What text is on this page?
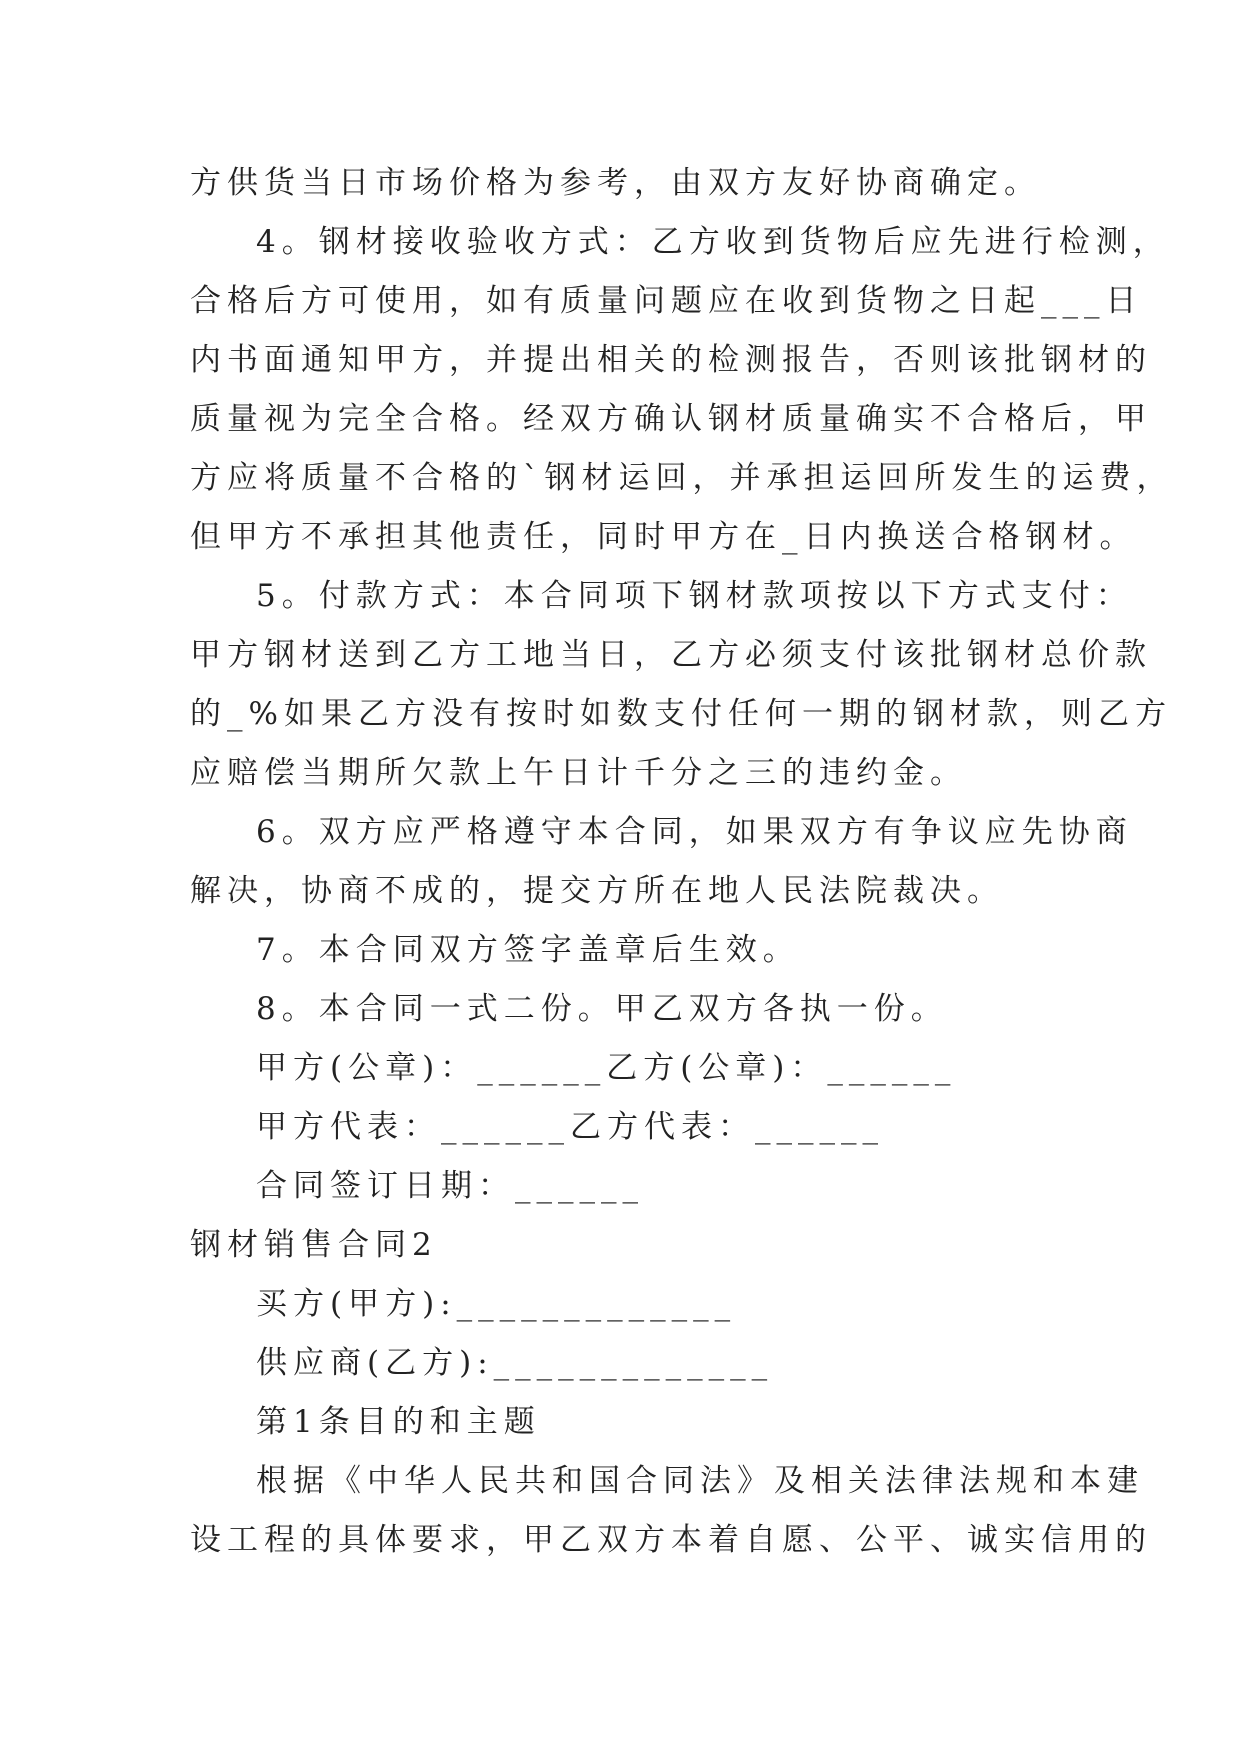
方供货当日市场价格为参考，由双方友好协商确定。
4。钢材接收验收方式：乙方收到货物后应先进行检测，
合格后方可使用，如有质量问题应在收到货物之日起___日
内书面通知甲方，并提出相关的检测报告，否则该批钢材的
质量视为完全合格。经双方确认钢材质量确实不合格后，甲
方应将质量不合格的`钢材运回，并承担运回所发生的运费，
但甲方不承担其他责任，同时甲方在_日内换送合格钢材。
5。付款方式：本合同项下钢材款项按以下方式支付：
甲方钢材送到乙方工地当日，乙方必须支付该批钢材总价款
的_%如果乙方没有按时如数支付任何一期的钢材款，则乙方
应赔偿当期所欠款上午日计千分之三的违约金。
6。双方应严格遵守本合同，如果双方有争议应先协商
解决，协商不成的，提交方所在地人民法院裁决。
7。本合同双方签字盖章后生效。
8。本合同一式二份。甲乙双方各执一份。
甲方(公章)：______乙方(公章)：______
甲方代表：______乙方代表：______
合同签订日期：______
钢材销售合同2
买方(甲方):_____________
供应商(乙方):_____________
第1条目的和主题
根据《中华人民共和国合同法》及相关法律法规和本建
设工程的具体要求，甲乙双方本着自愿、公平、诚实信用的
